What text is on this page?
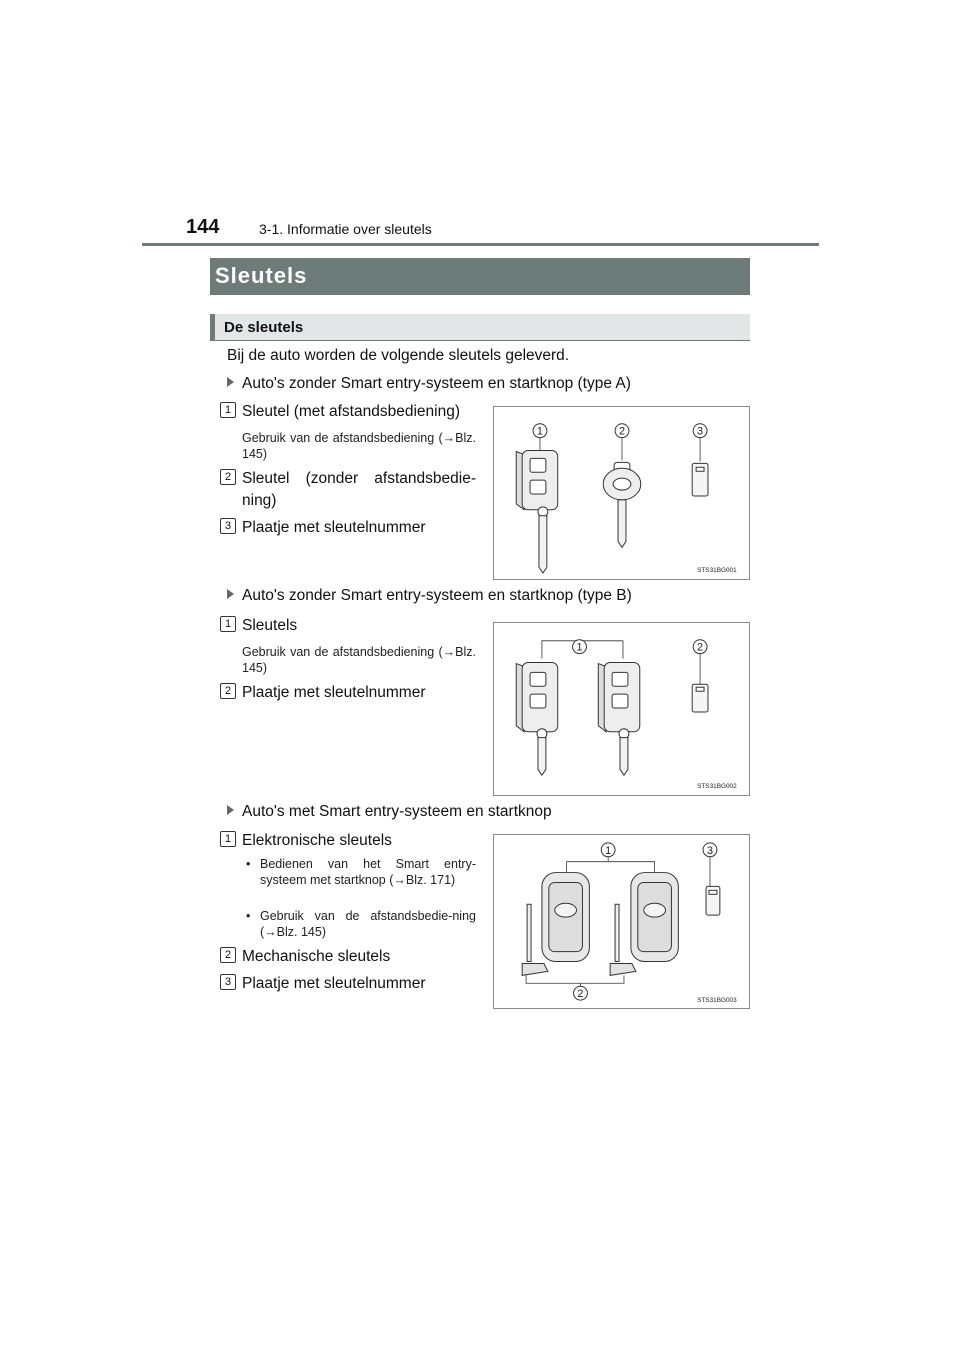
144	3-1. Informatie over sleutels
Sleutels
De sleutels
Bij de auto worden de volgende sleutels geleverd.
Auto's zonder Smart entry-systeem en startknop (type A)
1 Sleutel (met afstandsbediening)
Gebruik van de afstandsbediening (→Blz. 145)
2 Sleutel (zonder afstandsbedie-ning)
3 Plaatje met sleutelnummer
1	2	3
STS31BG001
Auto's zonder Smart entry-systeem en startknop (type B)
1 Sleutels
Gebruik van de afstandsbediening (→Blz. 145)
2 Plaatje met sleutelnummer
1	2
STS31BG002
Auto's met Smart entry-systeem en startknop
1 Elektronische sleutels
• Bedienen van het Smart entry-systeem met startknop (→Blz. 171)
• Gebruik van de afstandsbedie-ning (→Blz. 145)
2 Mechanische sleutels
3 Plaatje met sleutelnummer
1	3
2
STS31BG003
